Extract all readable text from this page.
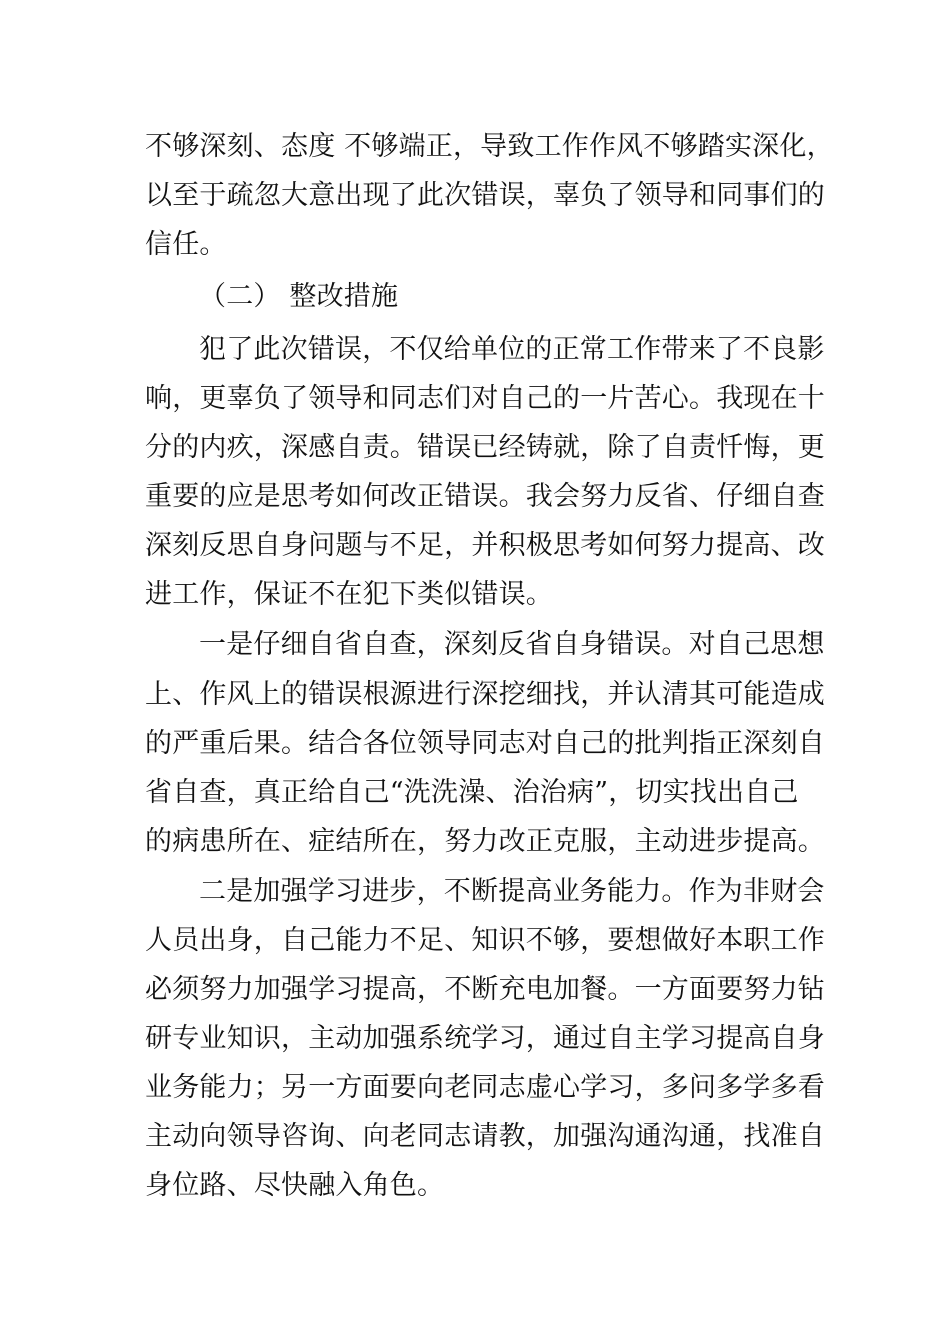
不够深刻、态度 不够端正，导致工作作风不够踏实深化，
以至于疏忽大意出现了此次错误，辜负了领导和同事们的
信任。
（二） 整改措施
犯了此次错误，不仅给单位的正常工作带来了不良影
响，更辜负了领导和同志们对自己的一片苦心。我现在十
分的内疚，深感自责。错误已经铸就，除了自责忏悔，更
重要的应是思考如何改正错误。我会努力反省、仔细自查
深刻反思自身问题与不足，并积极思考如何努力提高、改
进工作，保证不在犯下类似错误。
一是仔细自省自查，深刻反省自身错误。对自己思想
上、作风上的错误根源进行深挖细找，并认清其可能造成
的严重后果。结合各位领导同志对自己的批判指正深刻自
省自查，真正给自己“洗洗澡、治治病”，切实找出自己
的病患所在、症结所在，努力改正克服，主动进步提高。
二是加强学习进步，不断提高业务能力。作为非财会
人员出身，自己能力不足、知识不够，要想做好本职工作
必须努力加强学习提高，不断充电加餐。一方面要努力钻
研专业知识，主动加强系统学习，通过自主学习提高自身
业务能力；另一方面要向老同志虚心学习，多问多学多看
主动向领导咨询、向老同志请教，加强沟通沟通，找准自
身位路、尽快融入角色。
